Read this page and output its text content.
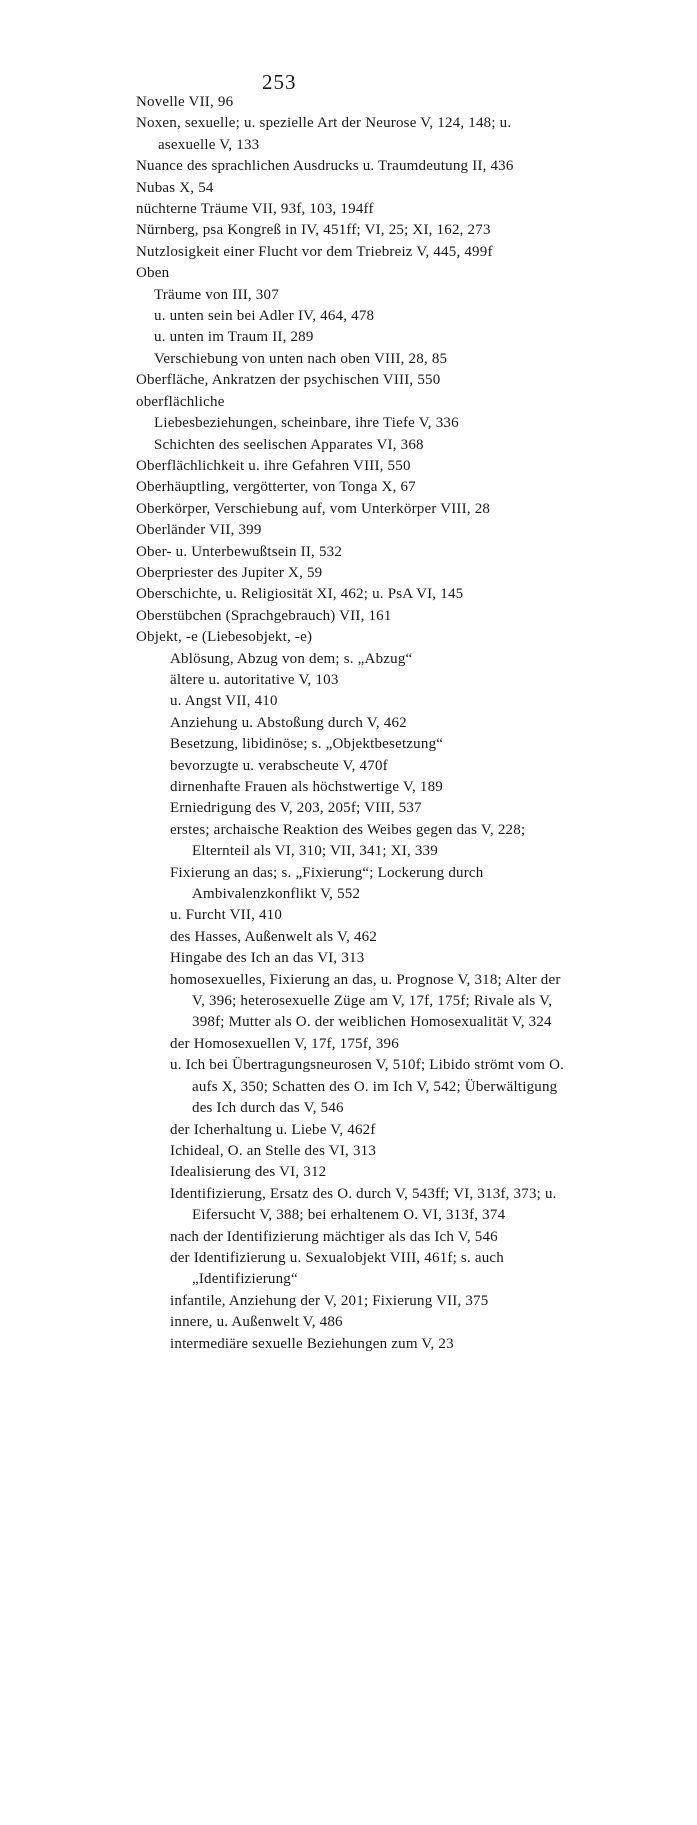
253
Novelle VII, 96
Noxen, sexuelle; u. spezielle Art der Neurose V, 124, 148; u. asexuelle V, 133
Nuance des sprachlichen Ausdrucks u. Traumdeutung II, 436
Nubas X, 54
nüchterne Träume VII, 93f, 103, 194ff
Nürnberg, psa Kongreß in IV, 451ff; VI, 25; XI, 162, 273
Nutzlosigkeit einer Flucht vor dem Triebreiz V, 445, 499f
Oben
Träume von III, 307
u. unten sein bei Adler IV, 464, 478
u. unten im Traum II, 289
Verschiebung von unten nach oben VIII, 28, 85
Oberfläche, Ankratzen der psychischen VIII, 550
oberflächliche
Liebesbeziehungen, scheinbare, ihre Tiefe V, 336
Schichten des seelischen Apparates VI, 368
Oberflächlichkeit u. ihre Gefahren VIII, 550
Oberhäuptling, vergötterter, von Tonga X, 67
Oberkörper, Verschiebung auf, vom Unterkörper VIII, 28
Oberländer VII, 399
Ober- u. Unterbewußtsein II, 532
Oberpriester des Jupiter X, 59
Oberschichte, u. Religiosität XI, 462; u. PsA VI, 145
Oberstübchen (Sprachgebrauch) VII, 161
Objekt, -e (Liebesobjekt, -e)
Ablösung, Abzug von dem; s. „Abzug“
ältere u. autoritative V, 103
u. Angst VII, 410
Anziehung u. Abstoßung durch V, 462
Besetzung, libidinöse; s. „Objektbesetzung“
bevorzugte u. verabscheute V, 470f
dirnenhafte Frauen als höchstwertige V, 189
Erniedrigung des V, 203, 205f; VIII, 537
erstes; archaische Reaktion des Weibes gegen das V, 228; Elternteil als VI, 310; VII, 341; XI, 339
Fixierung an das; s. „Fixierung“; Lockerung durch Ambivalenzkonflikt V, 552
u. Furcht VII, 410
des Hasses, Außenwelt als V, 462
Hingabe des Ich an das VI, 313
homosexuelles, Fixierung an das, u. Prognose V, 318; Alter der V, 396; heterosexuelle Züge am V, 17f, 175f; Rivale als V, 398f; Mutter als O. der weiblichen Homosexualität V, 324
der Homosexuellen V, 17f, 175f, 396
u. Ich bei Übertragungsneurosen V, 510f; Libido strömt vom O. aufs X, 350; Schatten des O. im Ich V, 542; Überwältigung des Ich durch das V, 546
der Icherhaltung u. Liebe V, 462f
Ichideal, O. an Stelle des VI, 313
Idealisierung des VI, 312
Identifizierung, Ersatz des O. durch V, 543ff; VI, 313f, 373; u. Eifersucht V, 388; bei erhaltenem O. VI, 313f, 374
nach der Identifizierung mächtiger als das Ich V, 546
der Identifizierung u. Sexualobjekt VIII, 461f; s. auch „Identifizierung“
infantile, Anziehung der V, 201; Fixierung VII, 375
innere, u. Außenwelt V, 486
intermediäre sexuelle Beziehungen zum V, 23
